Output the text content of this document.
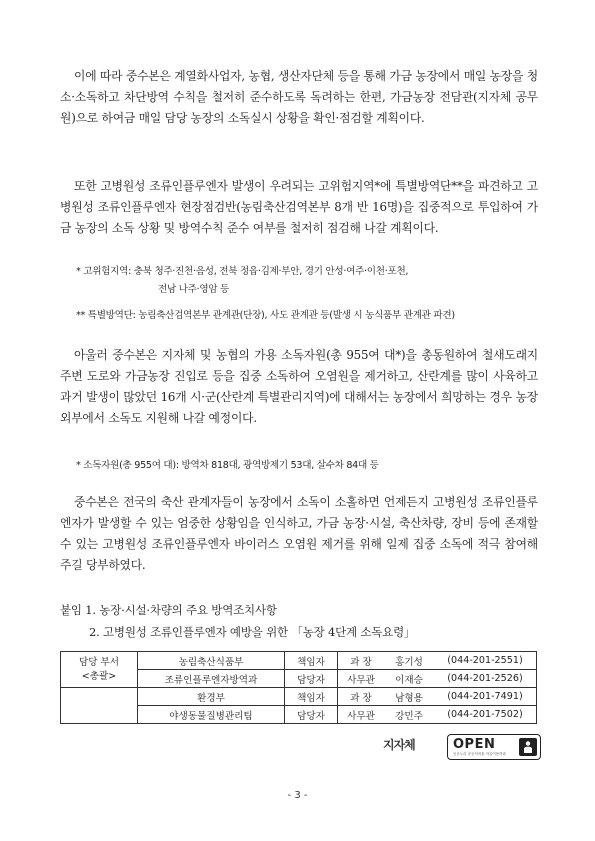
이에 따라 중수본은 계열화사업자, 농협, 생산자단체 등을 통해 가금 농장에서 매일 농장을 청소·소독하고 차단방역 수칙을 철저히 준수하도록 독려하는 한편, 가금농장 전담관(지자체 공무원)으로 하여금 매일 담당 농장의 소독실시 상황을 확인·점검할 계획이다.

또한 고병원성 조류인플루엔자 발생이 우려되는 고위험지역*에 특별방역단**을 파견하고 고병원성 조류인플루엔자 현장점검반(농림축산검역본부 8개 반 16명)을 집중적으로 투입하여 가금 농장의 소독 상황 및 방역수칙 준수 여부를 철저히 점검해 나갈 계획이다.

* 고위험지역: 충북 청주·진천·음성, 전북 정읍·김제·부안, 경기 안성·여주·이천·포천,
전남 나주·영암 등
** 특별방역단: 농림축산검역본부 관계관(단장), 사도 관계관 등(발생 시 농식품부 관계관 파견)

아울러 중수본은 지자체 및 농협의 가용 소독자원(총 955여 대*)을 총동원하여 철새도래지 주변 도로와 가금농장 진입로 등을 집중 소독하여 오염원을 제거하고, 산란계를 많이 사육하고 과거 발생이 많았던 16개 시·군(산란계 특별관리지역)에 대해서는 농장에서 희망하는 경우 농장 외부에서 소독도 지원해 나갈 예정이다.

* 소독자원(총 955여 대): 방역차 818대, 광역방제기 53대, 살수차 84대 등

중수본은 전국의 축산 관계자들이 농장에서 소독이 소홀하면 언제든지 고병원성 조류인플루엔자가 발생할 수 있는 엄중한 상황임을 인식하고, 가금 농장·시설, 축산차량, 장비 등에 존재할 수 있는 고병원성 조류인플루엔자 바이러스 오염원 제거를 위해 일제 집중 소독에 적극 참여해 주길 당부하였다.

붙임 1. 농장·시설·차량의 주요 방역조치사항
2. 고병원성 조류인플루엔자 예방을 위한 「농장 4단계 소독요령」
담당 부서
<총괄>	농림축산식품부	책임자	과 장	홍기성	(044-201-2551)
	조류인플루엔자방역과	담당자	사무관	이재승	(044-201-2526)
	환경부	책임자	과 장	남형용	(044-201-7491)
	야생동물질병관리팀	담당자	사무관	강민주	(044-201-7502)
지자체	OPEN
공공누리 공공저작물 자유이용허락
- 3 -
